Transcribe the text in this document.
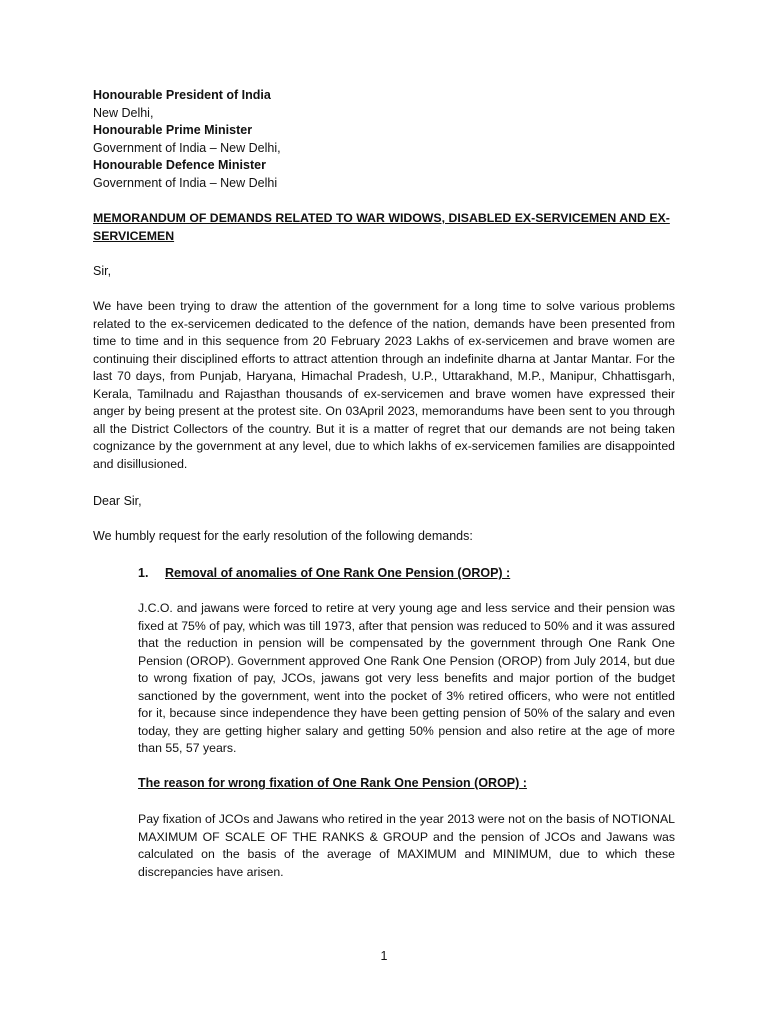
Honourable President of India
New Delhi,
Honourable Prime Minister
Government of India – New Delhi,
Honourable Defence Minister
Government of India – New Delhi
MEMORANDUM OF DEMANDS RELATED TO WAR WIDOWS, DISABLED EX-SERVICEMEN AND EX-SERVICEMEN
Sir,
We have been trying to draw the attention of the government for a long time to solve various problems related to the ex-servicemen dedicated to the defence of the nation, demands have been presented from time to time and in this sequence from 20 February 2023 Lakhs of ex-servicemen and brave women are continuing their disciplined efforts to attract attention through an indefinite dharna at Jantar Mantar. For the last 70 days, from Punjab, Haryana, Himachal Pradesh, U.P., Uttarakhand, M.P., Manipur, Chhattisgarh, Kerala, Tamilnadu and Rajasthan thousands of ex-servicemen and brave women have expressed their anger by being present at the protest site. On 03April 2023, memorandums have been sent to you through all the District Collectors of the country. But it is a matter of regret that our demands are not being taken cognizance by the government at any level, due to which lakhs of ex-servicemen families are disappointed and disillusioned.
Dear Sir,
We humbly request for the early resolution of the following demands:
1. Removal of anomalies of One Rank One Pension (OROP) :
J.C.O. and jawans were forced to retire at very young age and less service and their pension was fixed at 75% of pay, which was till 1973, after that pension was reduced to 50% and it was assured that the reduction in pension will be compensated by the government through One Rank One Pension (OROP). Government approved One Rank One Pension (OROP) from July 2014, but due to wrong fixation of pay, JCOs, jawans got very less benefits and major portion of the budget sanctioned by the government, went into the pocket of 3% retired officers, who were not entitled for it, because since independence they have been getting pension of 50% of the salary and even today, they are getting higher salary and getting 50% pension and also retire at the age of more than 55, 57 years.
The reason for wrong fixation of One Rank One Pension (OROP) :
Pay fixation of JCOs and Jawans who retired in the year 2013 were not on the basis of NOTIONAL MAXIMUM OF SCALE OF THE RANKS & GROUP and the pension of JCOs and Jawans was calculated on the basis of the average of MAXIMUM and MINIMUM, due to which these discrepancies have arisen.
1
